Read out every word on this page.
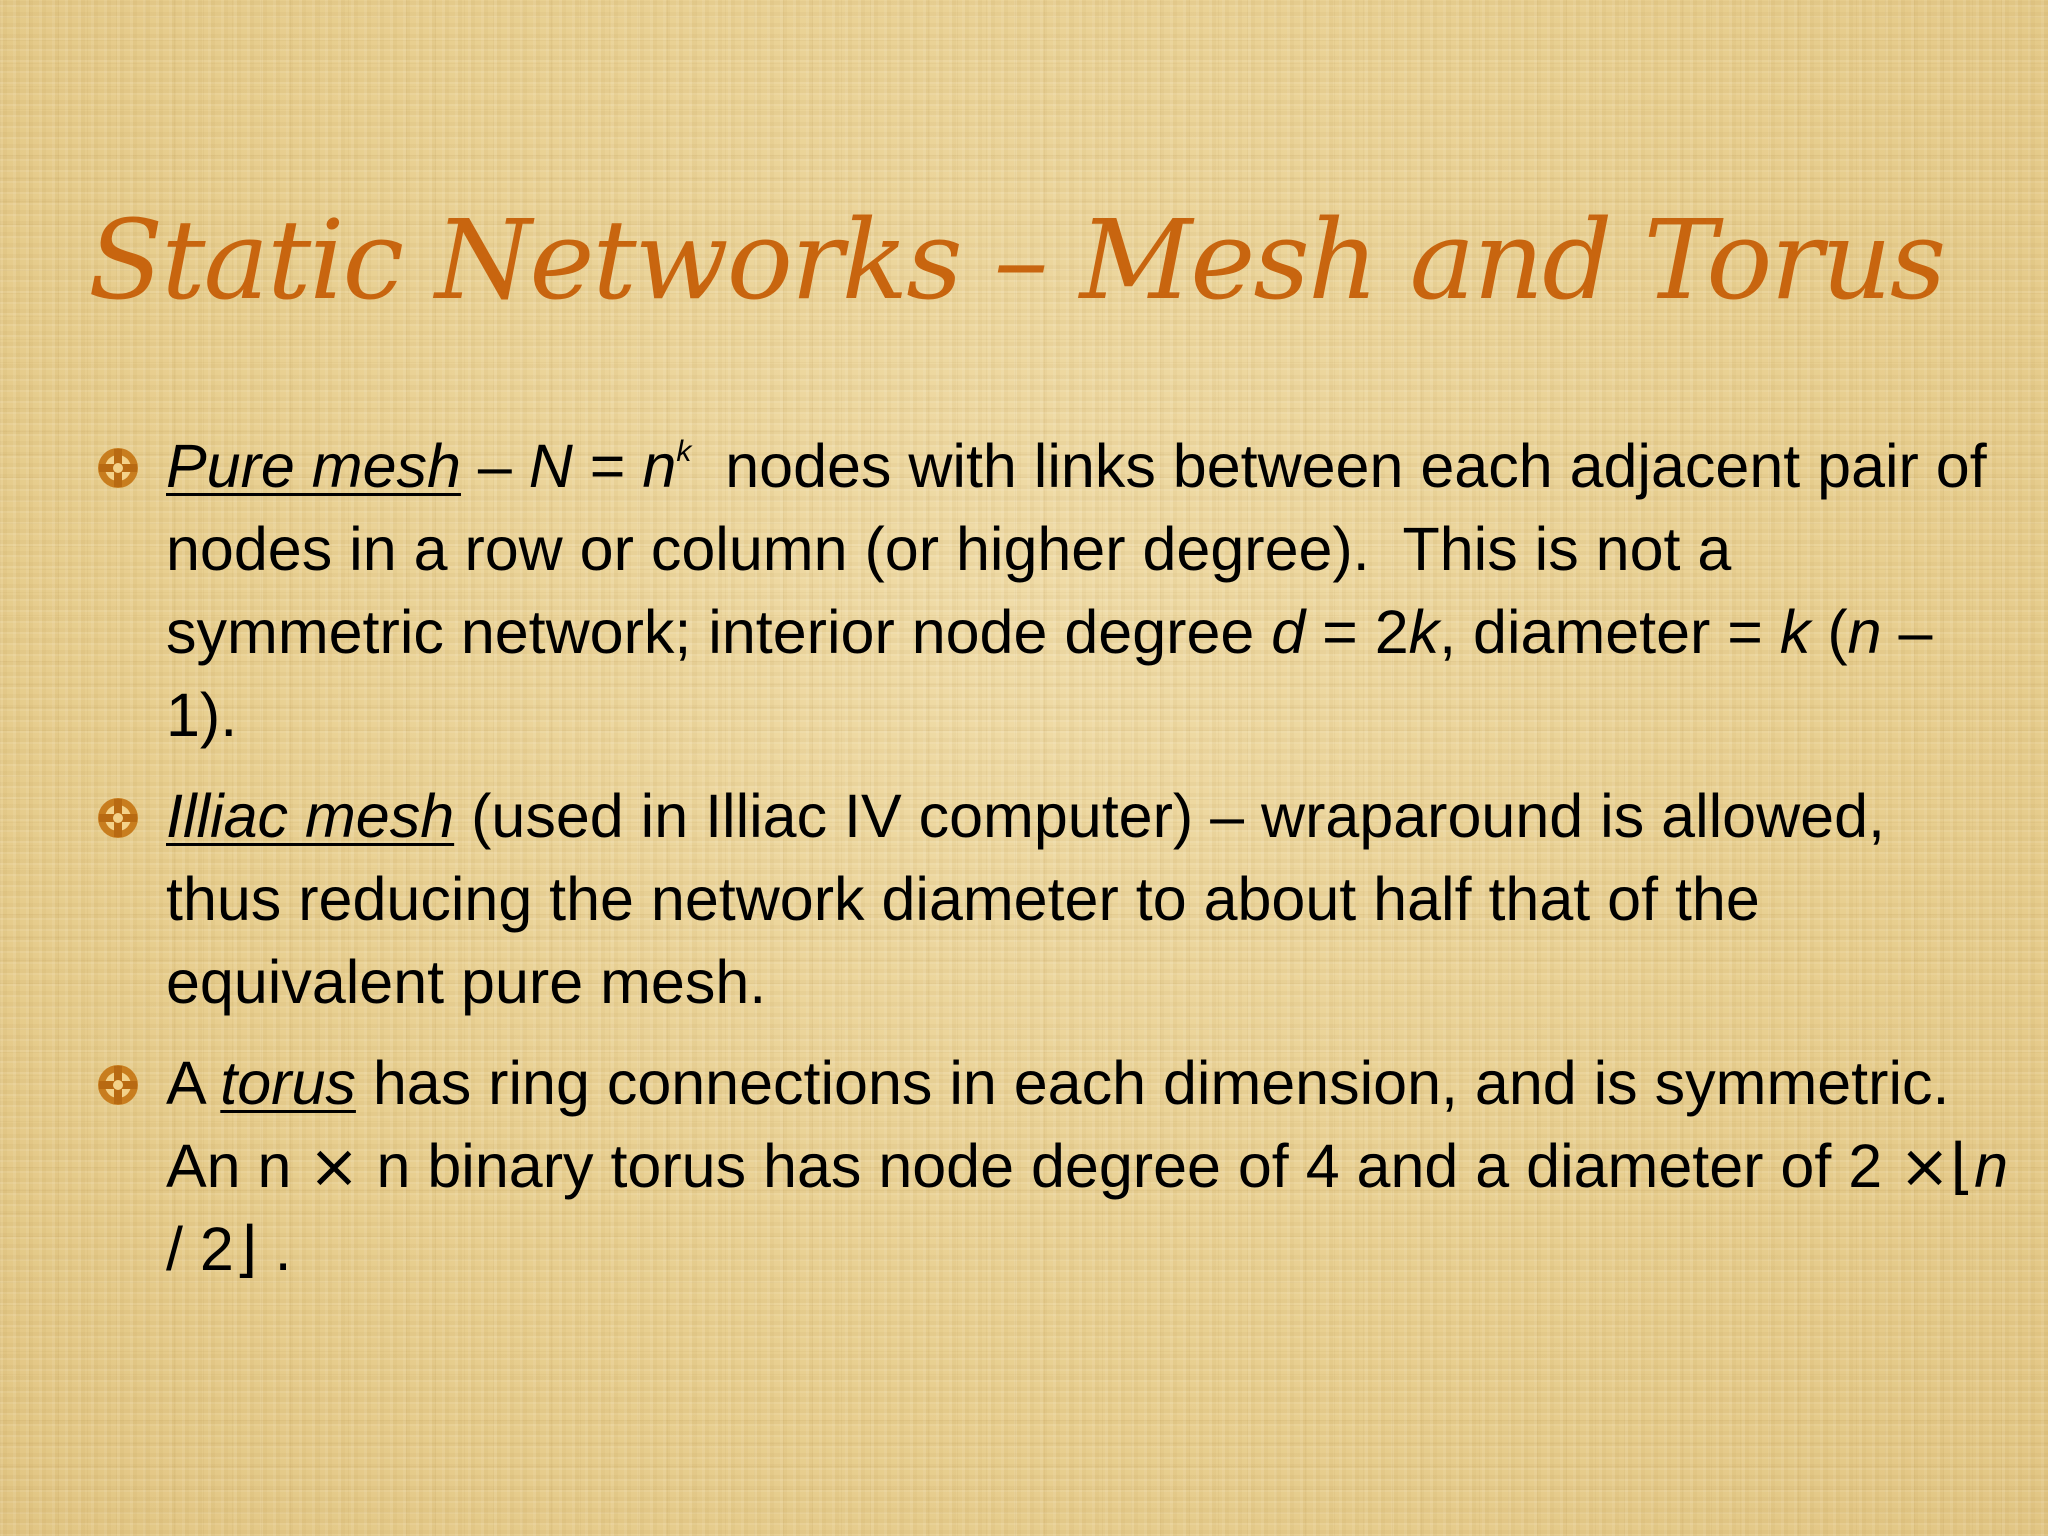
Static Networks – Mesh and Torus
Pure mesh – $N = n^k$  nodes with links between each adjacent pair of nodes in a row or column (or higher degree).  This is not a symmetric network; interior node degree d = 2k, diameter = k (n – 1).
Illiac mesh (used in Illiac IV computer) – wraparound is allowed, thus reducing the network diameter to about half that of the equivalent pure mesh.
A torus has ring connections in each dimension, and is symmetric.  An n × n binary torus has node degree of 4 and a diameter of 2 ×⌊n / 2⌋ .
